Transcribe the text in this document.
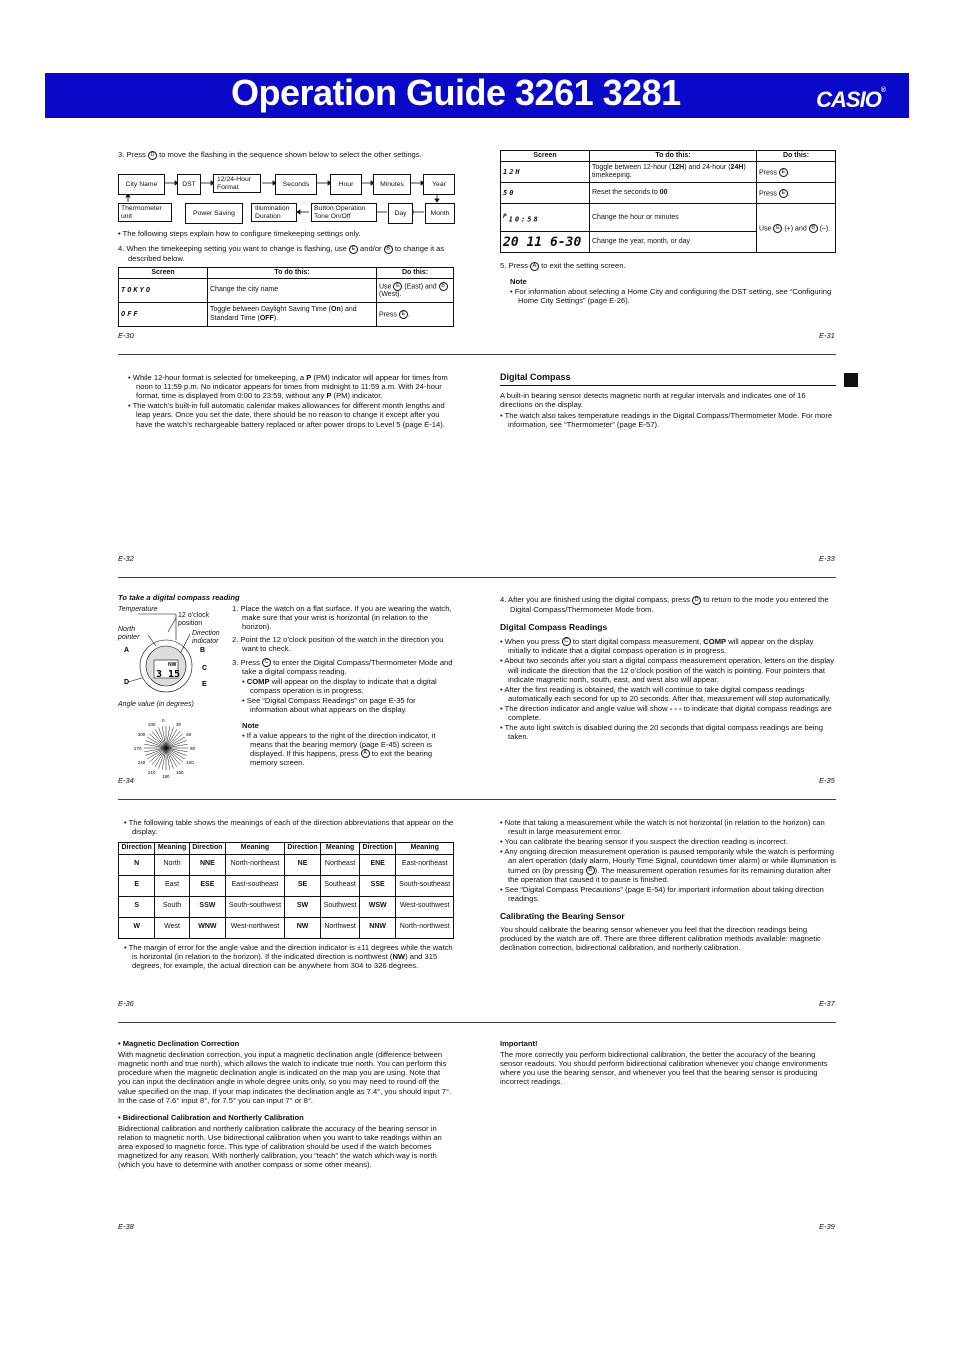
Operation Guide 3261 3281	CASIO®

3. Press D to move the flashing in the sequence shown below to select the other settings.

City Name	DST
12/24-Hour Format	Seconds	Hour	Minutes	Year
Thermometer unit	Power Saving
Illumination Duration
Button Operation Tone On/Off	Day	Month

• The following steps explain how to configure timekeeping settings only.

4. When the timekeeping setting you want to change is flashing, use E and/or B to change it as described below.

Screen	To do this:	Do this:
TOKYO	Change the city name	Use E (East) and B (West).
OFF	Toggle between Daylight Saving Time (On) and Standard Time (OFF).	Press E .
E-30
Screen	To do this:	Do this:
12H	Toggle between 12-hour (12H) and 24-hour (24H) timekeeping.	Press E .
50	Reset the seconds to 00	Press E .
$^P$10:58	Change the hour or minutes	Use E (+) and B (–).
20 11 6-30	Change the year, month, or day	

5. Press A to exit the setting screen.

Note

• For information about selecting a Home City and configuring the DST setting, see “Configuring Home City Settings” (page E-26).

E-31

• While 12-hour format is selected for timekeeping, a P (PM) indicator will appear for times from noon to 11:59 p.m. No indicator appears for times from midnight to 11:59 a.m. With 24-hour format, time is displayed from 0:00 to 23:59, without any P (PM) indicator.

• The watch’s built-in full automatic calendar makes allowances for different month lengths and leap years. Once you set the date, there should be no reason to change it except after you have the watch’s rechargeable battery replaced or after power drops to Level 5 (page E-14).

E-32
Digital Compass

A built-in bearing sensor detects magnetic north at regular intervals and indicates one of 16 directions on the display.

• The watch also takes temperature readings in the Digital Compass/Thermometer Mode. For more information, see “Thermometer” (page E-57).

E-33

To take a digital compass reading

Temperature
12 o’clock position
North pointer
Direction indicator
A	B
C
D	E
3 15
NW
0
30
60
90
120
150
180
210
240
270
300
330
Angle value (in degrees)

1. Place the watch on a flat surface. If you are wearing the watch, make sure that your wrist is horizontal (in relation to the horizon).

2. Point the 12 o’clock position of the watch in the direction you want to check.

3. Press C to enter the Digital Compass/Thermometer Mode and take a digital compass reading.

• COMP will appear on the display to indicate that a digital compass operation is in progress.

• See “Digital Compass Readings” on page E-35 for information about what appears on the display.

Note

• If a value appears to the right of the direction indicator, it means that the bearing memory (page E-45) screen is displayed. If this happens, press A to exit the bearing memory screen.

E-34

4. After you are finished using the digital compass, press D to return to the mode you entered the Digital Compass/Thermometer Mode from.

Digital Compass Readings

• When you press C to start digital compass measurement, COMP will appear on the display initially to indicate that a digital compass operation is in progress.

• About two seconds after you start a digital compass measurement operation, letters on the display will indicate the direction that the 12 o’clock position of the watch is pointing. Four pointers that indicate magnetic north, south, east, and west also will appear.

• After the first reading is obtained, the watch will continue to take digital compass readings automatically each second for up to 20 seconds. After that, measurement will stop automatically.

• The direction indicator and angle value will show - - - to indicate that digital compass readings are complete.

• The auto light switch is disabled during the 20 seconds that digital compass readings are being taken.

E-35

• The following table shows the meanings of each of the direction abbreviations that appear on the display.

Direction	Meaning	Direction	Meaning	Direction	Meaning	Direction	Meaning
N	North	NNE	North-northeast	NE	Northeast	ENE	East-northeast
E	East	ESE	East-southeast	SE	Southeast	SSE	South-southeast
S	South	SSW	South-southwest	SW	Southwest	WSW	West-southwest
W	West	WNW	West-northwest	NW	Northwest	NNW	North-northwest

• The margin of error for the angle value and the direction indicator is ±11 degrees while the watch is horizontal (in relation to the horizon). If the indicated direction is northwest (NW) and 315 degrees, for example, the actual direction can be anywhere from 304 to 326 degrees.

E-36

• Note that taking a measurement while the watch is not horizontal (in relation to the horizon) can result in large measurement error.

• You can calibrate the bearing sensor if you suspect the direction reading is incorrect.

• Any ongoing direction measurement operation is paused temporarily while the watch is performing an alert operation (daily alarm, Hourly Time Signal, countdown timer alarm) or while illumination is turned on (by pressing B ). The measurement operation resumes for its remaining duration after the operation that caused it to pause is finished.

• See “Digital Compass Precautions” (page E-54) for important information about taking direction readings.

Calibrating the Bearing Sensor

You should calibrate the bearing sensor whenever you feel that the direction readings being produced by the watch are off. There are three different calibration methods available: magnetic declination correction, bidirectional calibration, and northerly calibration.

E-37

• Magnetic Declination Correction

With magnetic declination correction, you input a magnetic declination angle (difference between magnetic north and true north), which allows the watch to indicate true north. You can perform this procedure when the magnetic declination angle is indicated on the map you are using. Note that you can input the declination angle in whole degree units only, so you may need to round off the value specified on the map. If your map indicates the declination angle as 7.4°, you should input 7°. In the case of 7.6° input 8°, for 7.5° you can input 7° or 8°.

• Bidirectional Calibration and Northerly Calibration

Bidirectional calibration and northerly calibration calibrate the accuracy of the bearing sensor in relation to magnetic north. Use bidirectional calibration when you want to take readings within an area exposed to magnetic force. This type of calibration should be used if the watch becomes magnetized for any reason. With northerly calibration, you “teach” the watch which way is north (which you have to determine with another compass or some other means).

E-38

Important!

The more correctly you perform bidirectional calibration, the better the accuracy of the bearing sensor readouts. You should perform bidirectional calibration whenever you change environments where you use the bearing sensor, and whenever you feel that the bearing sensor is producing incorrect readings.

E-39
